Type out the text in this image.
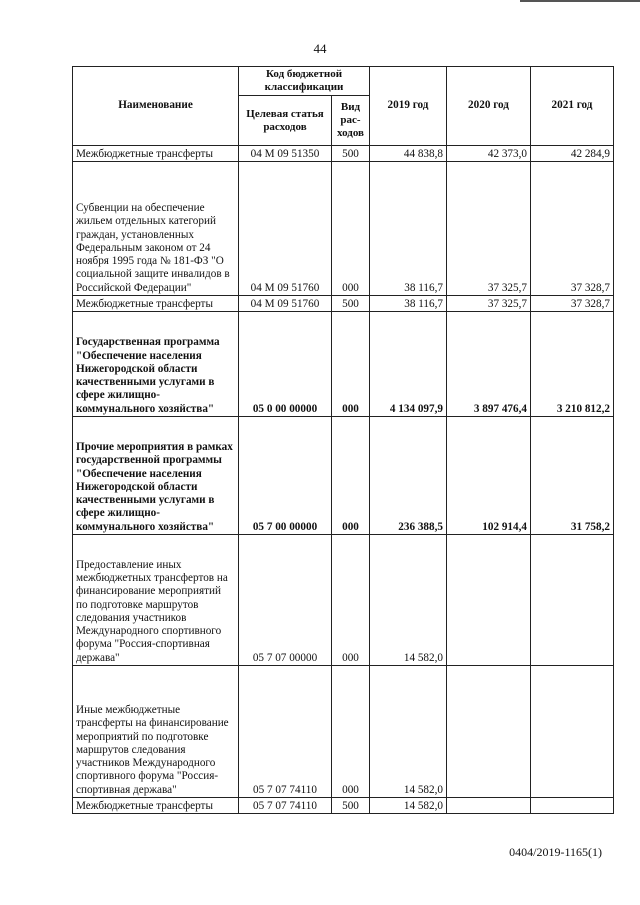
44
Наименование	Код бюджетной классификации		2019 год	2020 год	2021 год
	Целевая статья расходов	Вид рас-ходов			
Межбюджетные трансферты	04 М 09 51350	500	44 838,8	42 373,0	42 284,9
Субвенции на обеспечение жильем отдельных категорий граждан, установленных Федеральным законом от 24 ноября 1995 года № 181-ФЗ "О социальной защите инвалидов в Российской Федерации"	04 М 09 51760	000	38 116,7	37 325,7	37 328,7
Межбюджетные трансферты	04 М 09 51760	500	38 116,7	37 325,7	37 328,7
Государственная программа "Обеспечение населения Нижегородской области качественными услугами в сфере жилищно-коммунального хозяйства"	05 0 00 00000	000	4 134 097,9	3 897 476,4	3 210 812,2
Прочие мероприятия в рамках государственной программы "Обеспечение населения Нижегородской области качественными услугами в сфере жилищно-коммунального хозяйства"	05 7 00 00000	000	236 388,5	102 914,4	31 758,2
Предоставление иных межбюджетных трансфертов на финансирование мероприятий по подготовке маршрутов следования участников Международного спортивного форума "Россия-спортивная держава"	05 7 07 00000	000	14 582,0		
Иные межбюджетные трансферты на финансирование мероприятий по подготовке маршрутов следования участников Международного спортивного форума "Россия-спортивная держава"	05 7 07 74110	000	14 582,0		
Межбюджетные трансферты	05 7 07 74110	500	14 582,0		
0404/2019-1165(1)
